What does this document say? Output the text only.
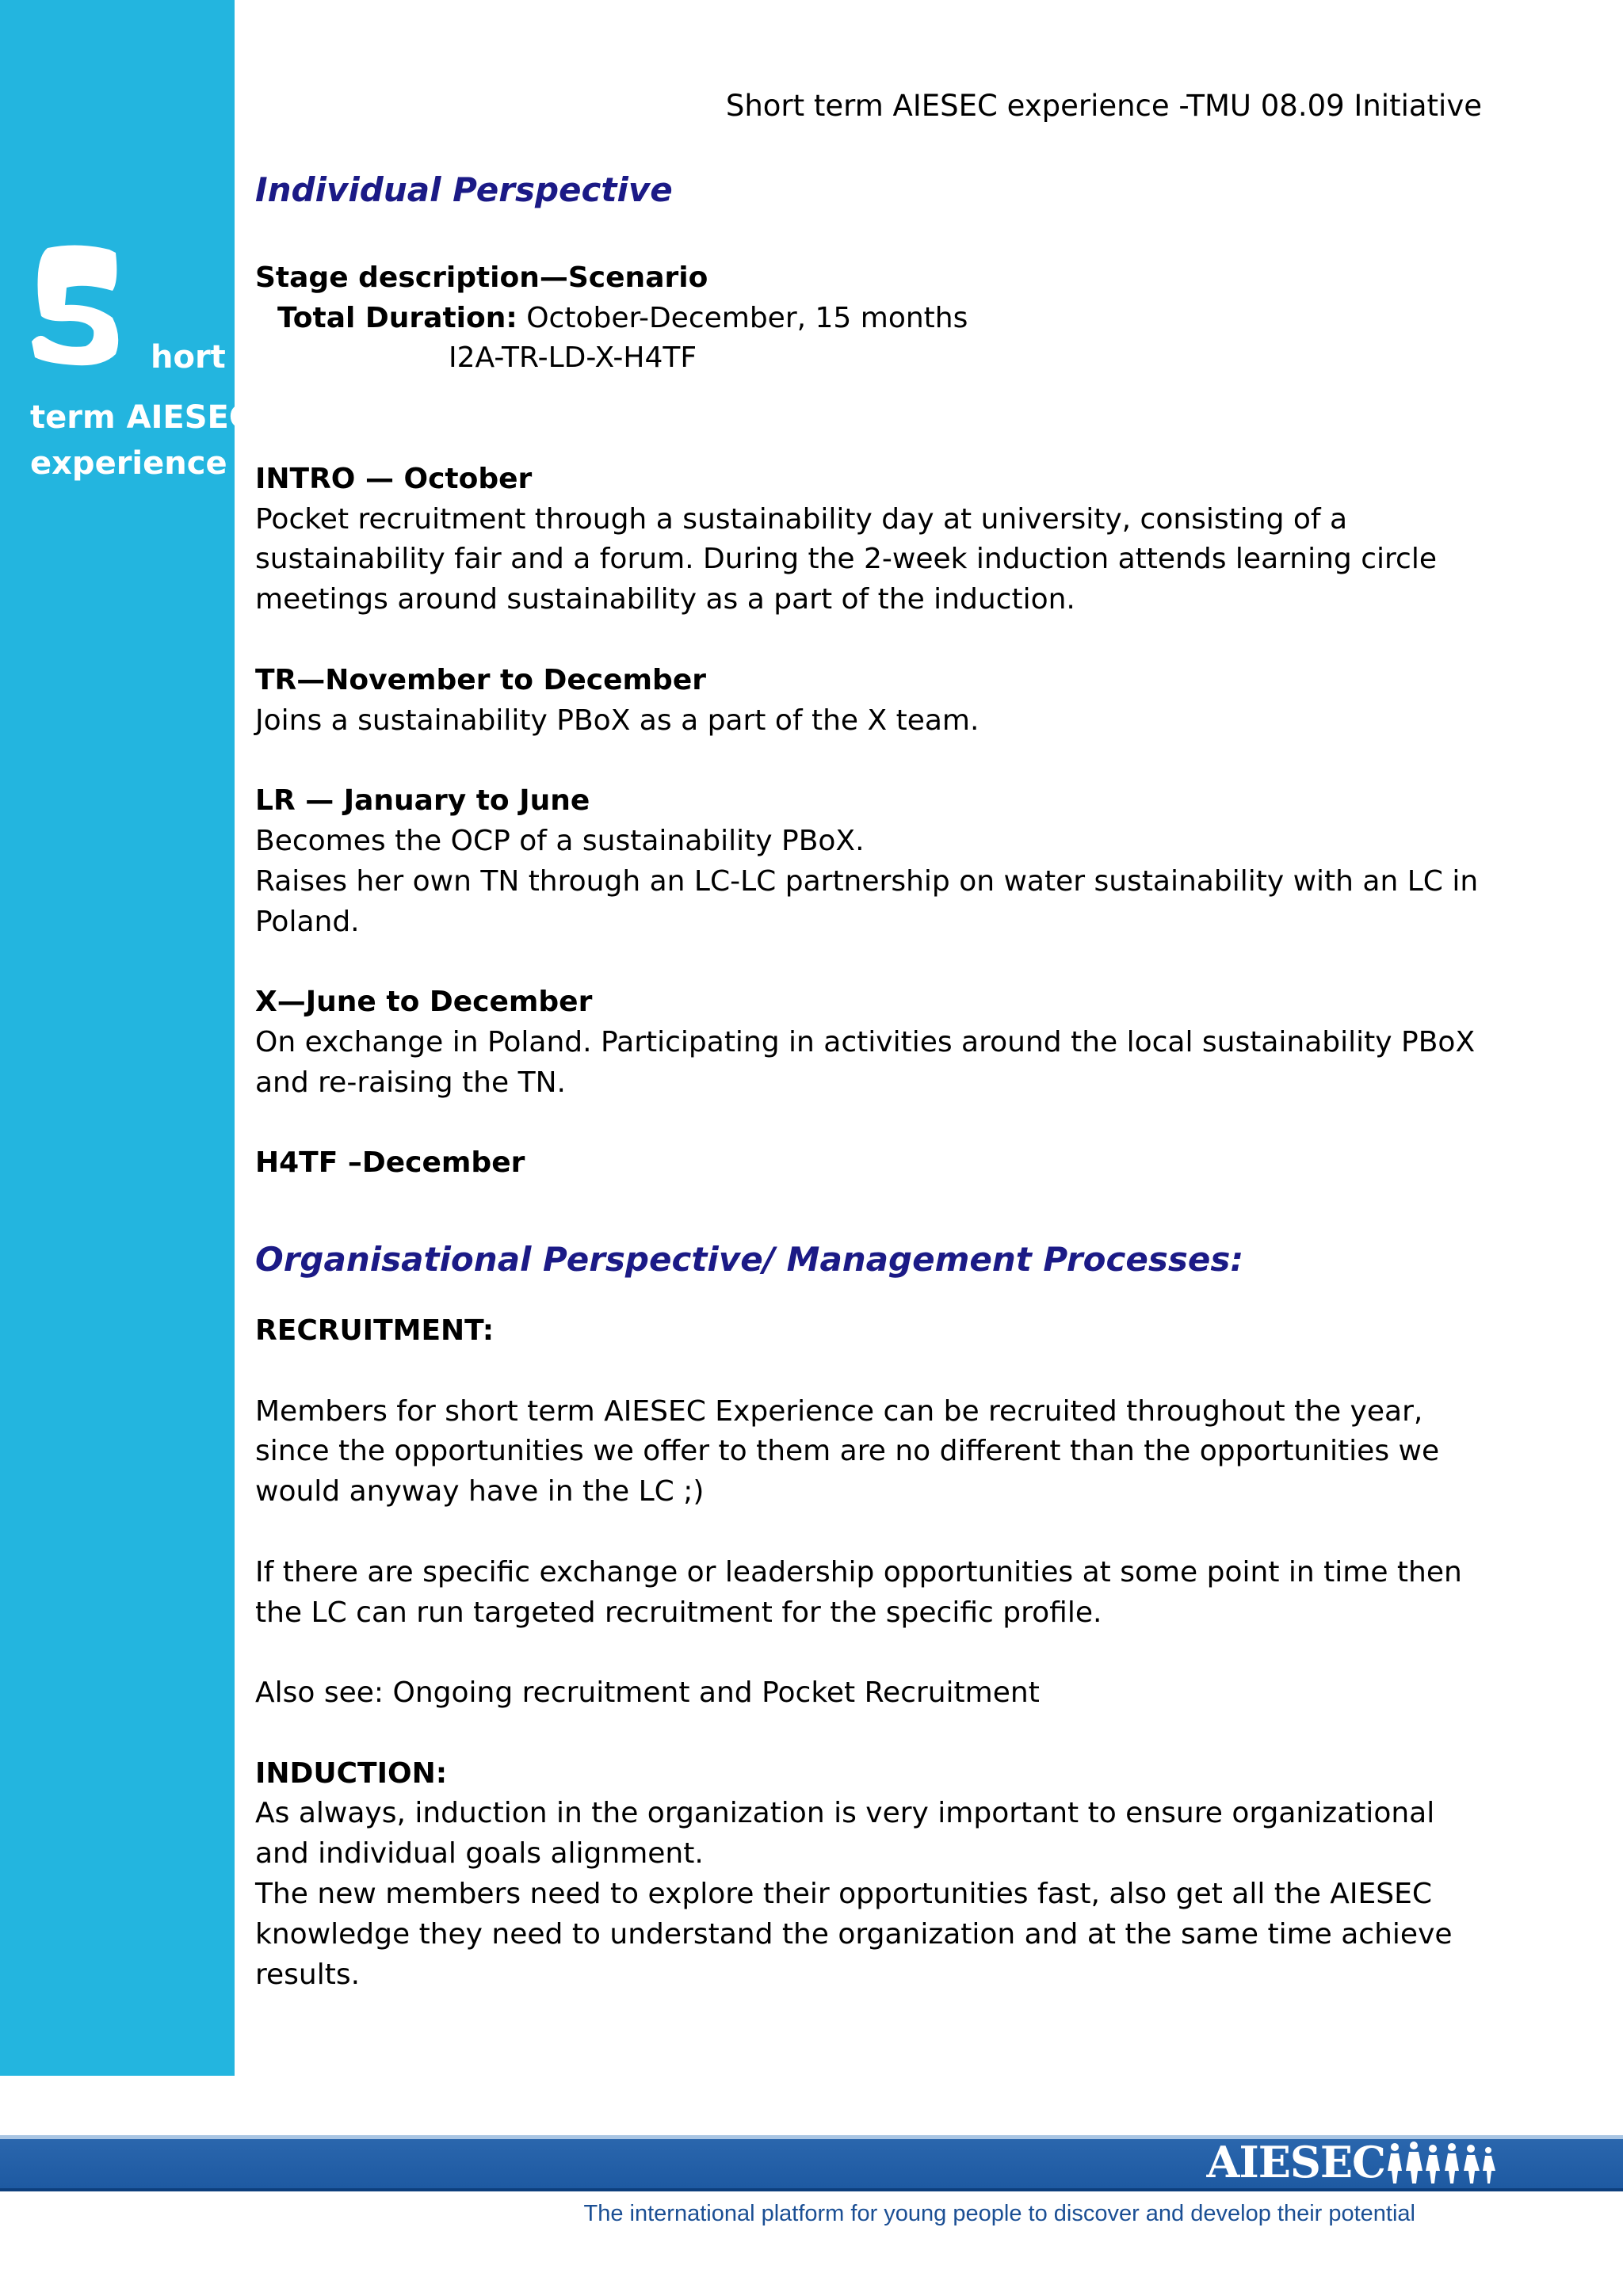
hort
term AIESEC
experience
Short term AIESEC experience -TMU 08.09 Initiative

Individual Perspective

Stage description—Scenario

Total Duration: October-December, 15 months

I2A-TR-LD-X-H4TF

INTRO — October

Pocket recruitment through a sustainability day at university, consisting of a sustainability fair and a forum. During the 2-week induction attends learning circle meetings around sustainability as a part of the induction.

TR—November to December

Joins a sustainability PBoX as a part of the X team.

LR — January to June

Becomes the OCP of a sustainability PBoX.

Raises her own TN through an LC-LC partnership on water sustainability with an LC in Poland.

X—June to December

On exchange in Poland. Participating in activities around the local sustainability PBoX and re-raising the TN.

H4TF –December

Organisational Perspective/ Management Processes:

RECRUITMENT:

Members for short term AIESEC Experience can be recruited throughout the year, since the opportunities we offer to them are no different than the opportunities we would anyway have in the LC ;)

If there are specific exchange or leadership opportunities at some point in time then the LC can run targeted recruitment for the specific profile.

Also see: Ongoing recruitment and Pocket Recruitment

INDUCTION:

As always, induction in the organization is very important to ensure organizational and individual goals alignment.

The new members need to explore their opportunities fast, also get all the AIESEC knowledge they need to understand the organization and at the same time achieve results.

AIESEC
The international platform for young people to discover and develop their potential
